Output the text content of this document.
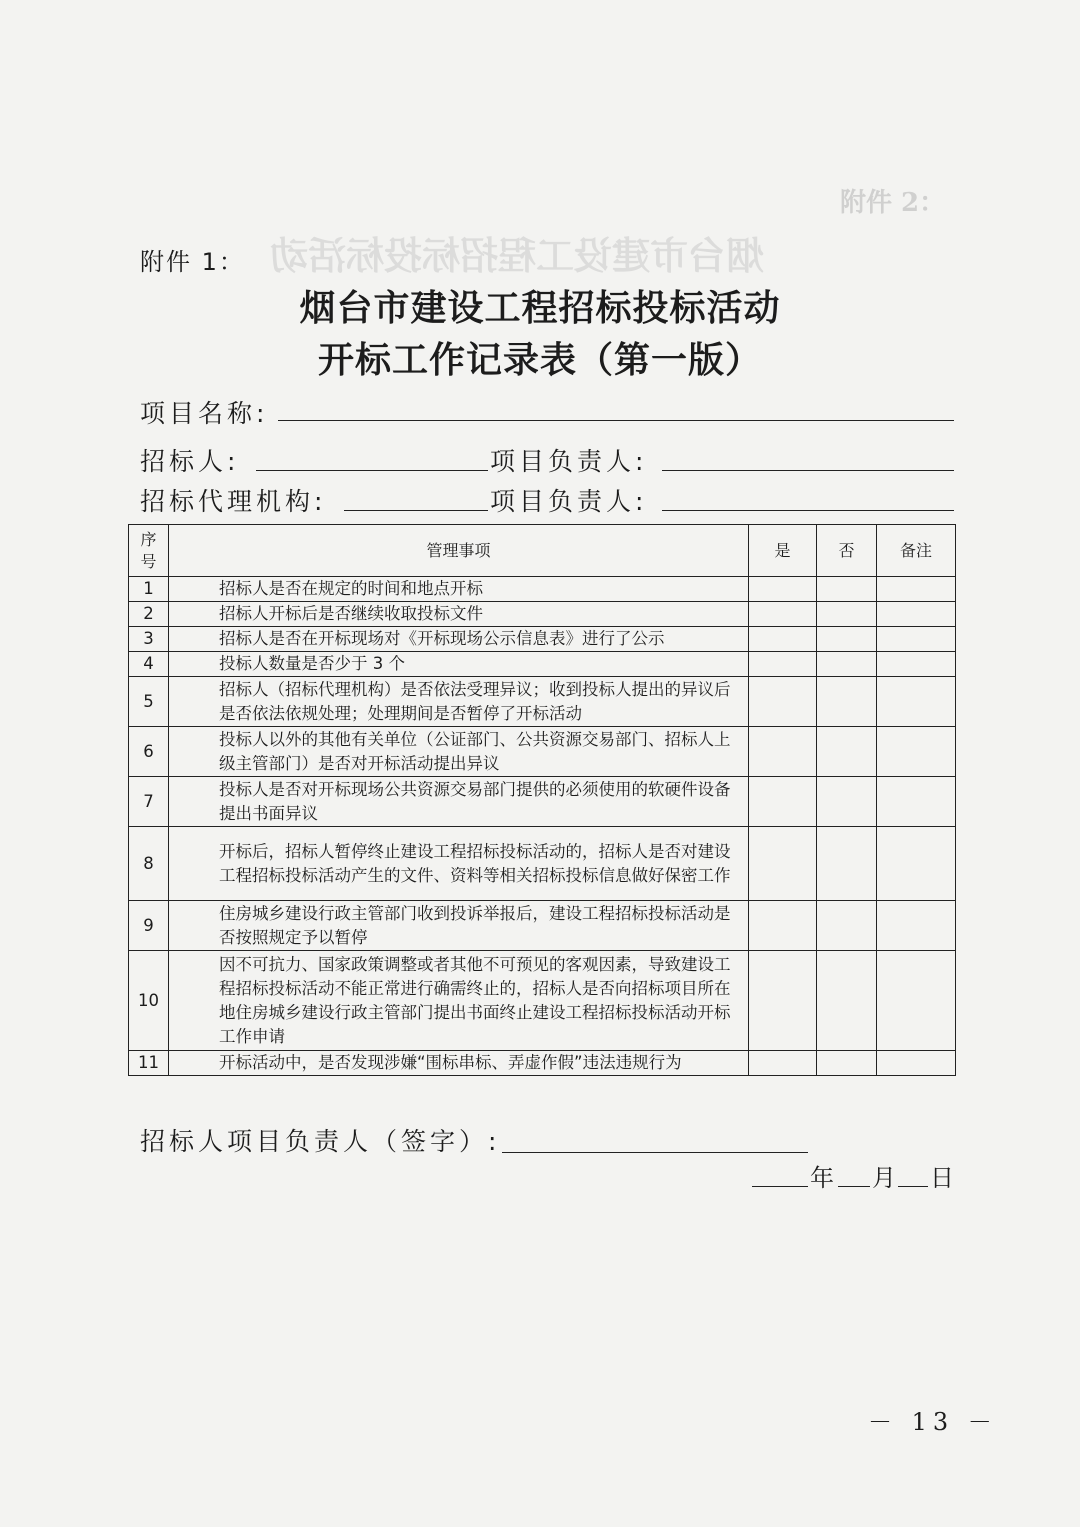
附件 2：
烟台市建设工程招标投标活动
附件 1：
烟台市建设工程招标投标活动
开标工作记录表（第一版）
项目名称:
招标人:	项目负责人:
招标代理机构:	项目负责人:
序号	管理事项	是	否	备注
1	招标人是否在规定的时间和地点开标			
2	招标人开标后是否继续收取投标文件			
3	招标人是否在开标现场对《开标现场公示信息表》进行了公示			
4	投标人数量是否少于 3 个			
5	招标人（招标代理机构）是否依法受理异议；收到投标人提出的异议后是否依法依规处理；处理期间是否暂停了开标活动			
6	投标人以外的其他有关单位（公证部门、公共资源交易部门、招标人上级主管部门）是否对开标活动提出异议			
7	投标人是否对开标现场公共资源交易部门提供的必须使用的软硬件设备提出书面异议			
8	开标后，招标人暂停终止建设工程招标投标活动的，招标人是否对建设工程招标投标活动产生的文件、资料等相关招标投标信息做好保密工作			
9	住房城乡建设行政主管部门收到投诉举报后，建设工程招标投标活动是否按照规定予以暂停			
10	因不可抗力、国家政策调整或者其他不可预见的客观因素，导致建设工程招标投标活动不能正常进行确需终止的，招标人是否向招标项目所在地住房城乡建设行政主管部门提出书面终止建设工程招标投标活动开标工作申请			
11	开标活动中，是否发现涉嫌“围标串标、弄虚作假”违法违规行为			
招标人项目负责人（签字）:
年 月 日
－ 13 －
